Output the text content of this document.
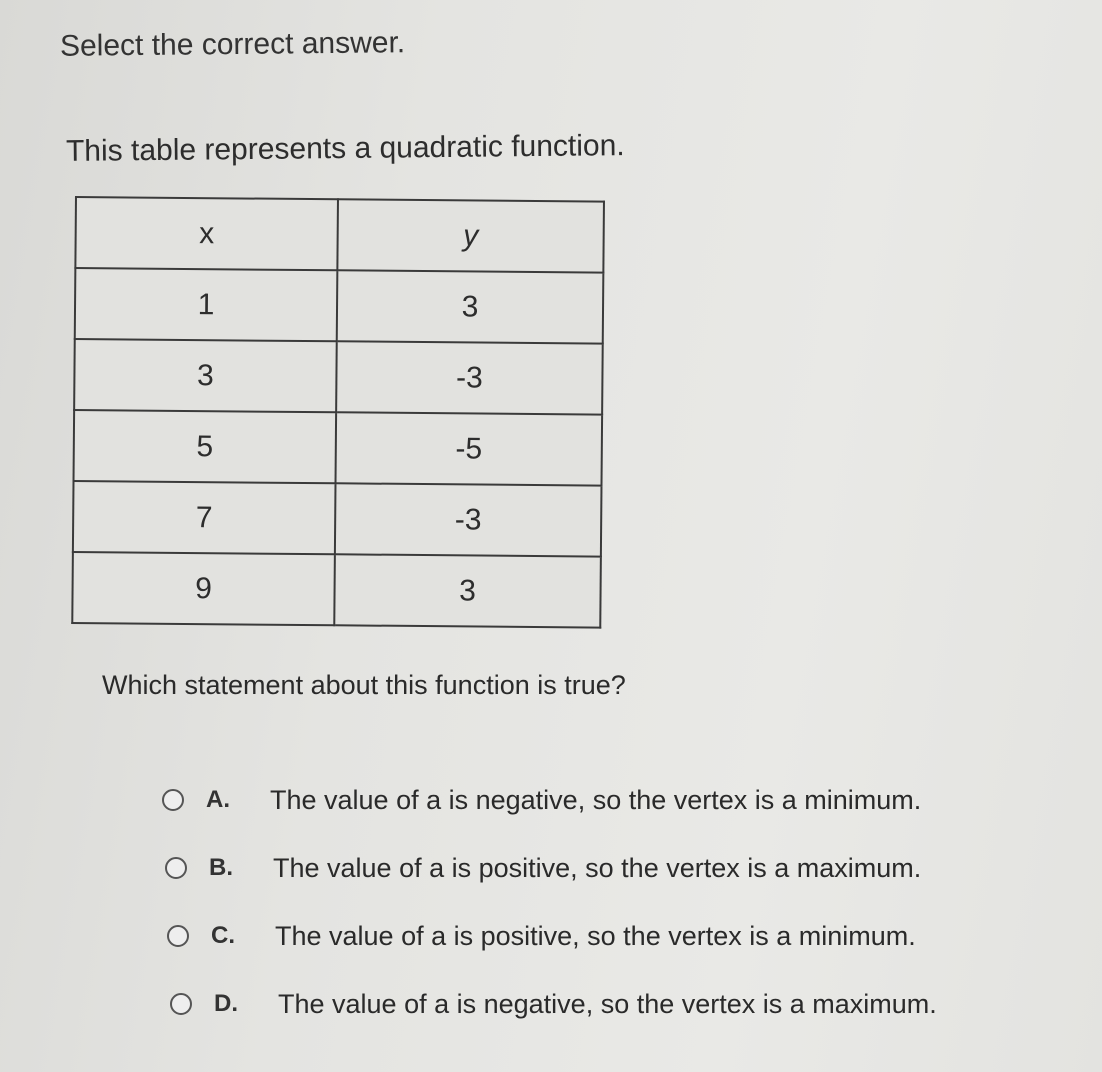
Select the correct answer.
This table represents a quadratic function.
x	y
1	3
3	-3
5	-5
7	-3
9	3
Which statement about this function is true?
A.	The value of a is negative, so the vertex is a minimum.
B.	The value of a is positive, so the vertex is a maximum.
C.	The value of a is positive, so the vertex is a minimum.
D.	The value of a is negative, so the vertex is a maximum.
